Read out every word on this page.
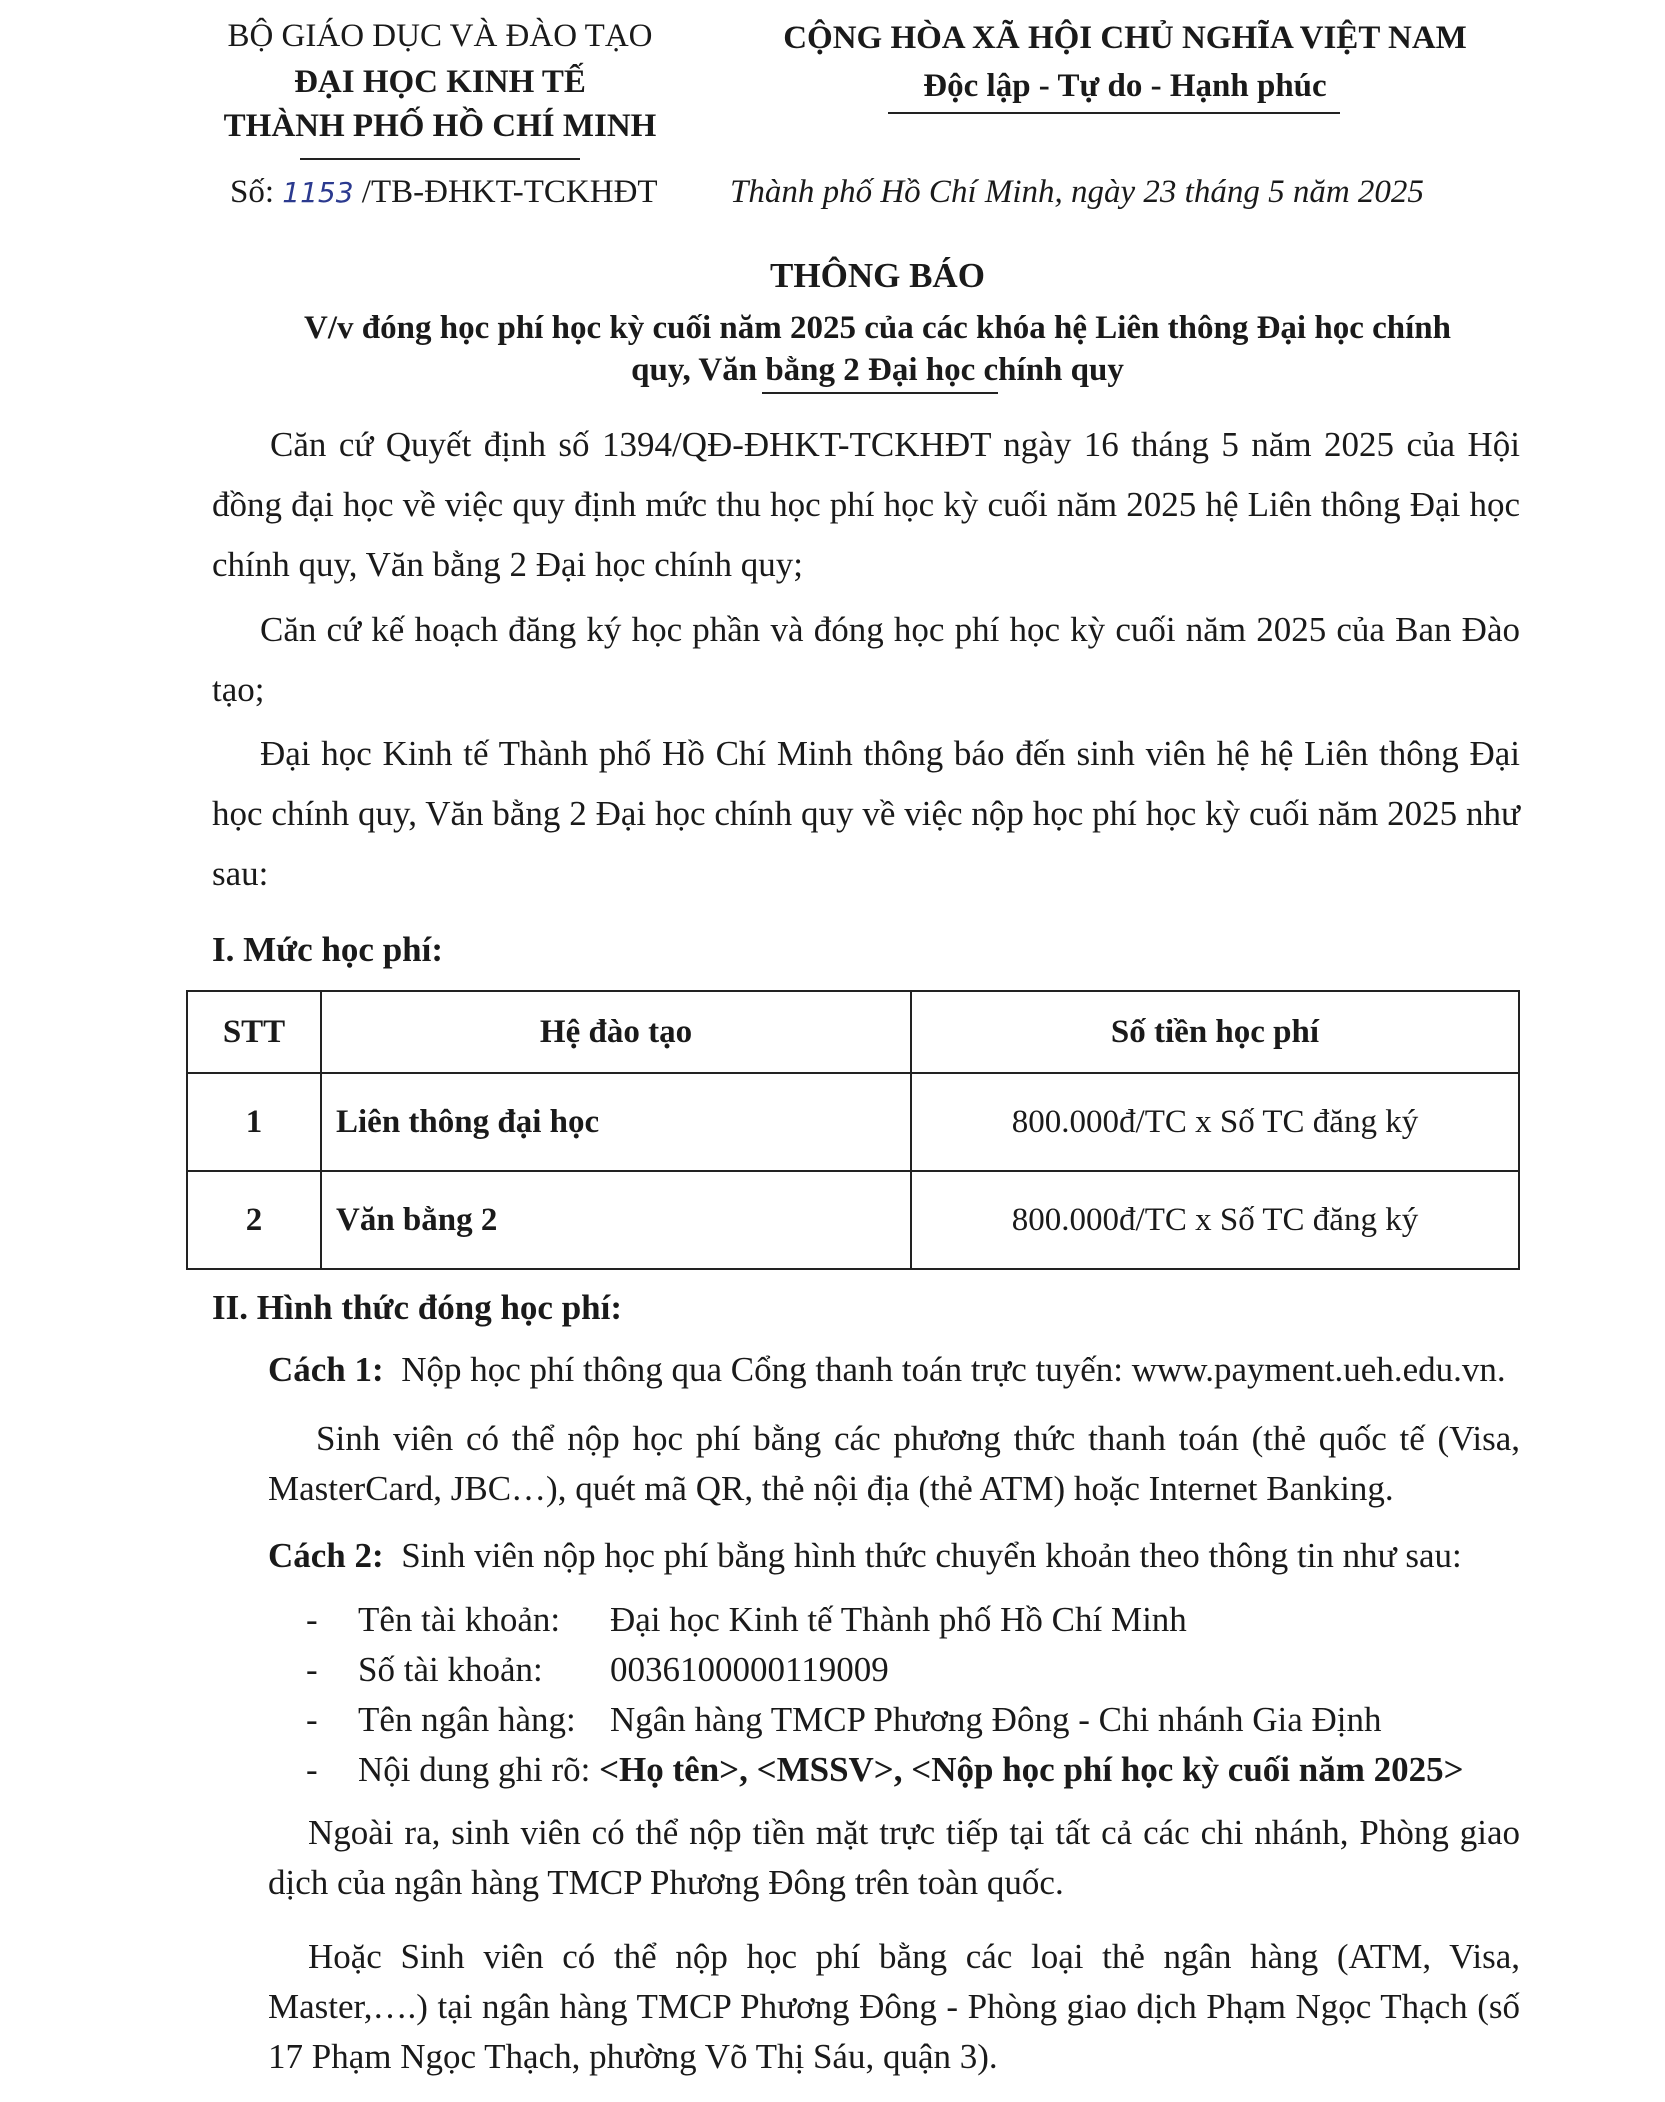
BỘ GIÁO DỤC VÀ ĐÀO TẠO
ĐẠI HỌC KINH TẾ
THÀNH PHỐ HỒ CHÍ MINH
Số: 1153 /TB-ĐHKT-TCKHĐT
CỘNG HÒA XÃ HỘI CHỦ NGHĨA VIỆT NAM
Độc lập - Tự do - Hạnh phúc
Thành phố Hồ Chí Minh, ngày 23 tháng 5 năm 2025
THÔNG BÁO
V/v đóng học phí học kỳ cuối năm 2025 của các khóa hệ Liên thông Đại học chính
quy, Văn bằng 2 Đại học chính quy
Căn cứ Quyết định số 1394/QĐ-ĐHKT-TCKHĐT ngày 16 tháng 5 năm 2025 của Hội đồng đại học về việc quy định mức thu học phí học kỳ cuối năm 2025 hệ Liên thông Đại học chính quy, Văn bằng 2 Đại học chính quy;
Căn cứ kế hoạch đăng ký học phần và đóng học phí học kỳ cuối năm 2025 của Ban Đào tạo;
Đại học Kinh tế Thành phố Hồ Chí Minh thông báo đến sinh viên hệ hệ Liên thông Đại học chính quy, Văn bằng 2 Đại học chính quy về việc nộp học phí học kỳ cuối năm 2025 như sau:
I. Mức học phí:
STT	Hệ đào tạo	Số tiền học phí
1	Liên thông đại học	800.000đ/TC x Số TC đăng ký
2	Văn bằng 2	800.000đ/TC x Số TC đăng ký
II. Hình thức đóng học phí:
Cách 1: Nộp học phí thông qua Cổng thanh toán trực tuyến: www.payment.ueh.edu.vn.
Sinh viên có thể nộp học phí bằng các phương thức thanh toán (thẻ quốc tế (Visa, MasterCard, JBC…), quét mã QR, thẻ nội địa (thẻ ATM) hoặc Internet Banking.
Cách 2: Sinh viên nộp học phí bằng hình thức chuyển khoản theo thông tin như sau:
- Tên tài khoản: Đại học Kinh tế Thành phố Hồ Chí Minh
- Số tài khoản: 0036100000119009
- Tên ngân hàng: Ngân hàng TMCP Phương Đông - Chi nhánh Gia Định
- Nội dung ghi rõ: <Họ tên>, <MSSV>, <Nộp học phí học kỳ cuối năm 2025>
Ngoài ra, sinh viên có thể nộp tiền mặt trực tiếp tại tất cả các chi nhánh, Phòng giao dịch của ngân hàng TMCP Phương Đông trên toàn quốc.
Hoặc Sinh viên có thể nộp học phí bằng các loại thẻ ngân hàng (ATM, Visa, Master,….) tại ngân hàng TMCP Phương Đông - Phòng giao dịch Phạm Ngọc Thạch (số 17 Phạm Ngọc Thạch, phường Võ Thị Sáu, quận 3).
